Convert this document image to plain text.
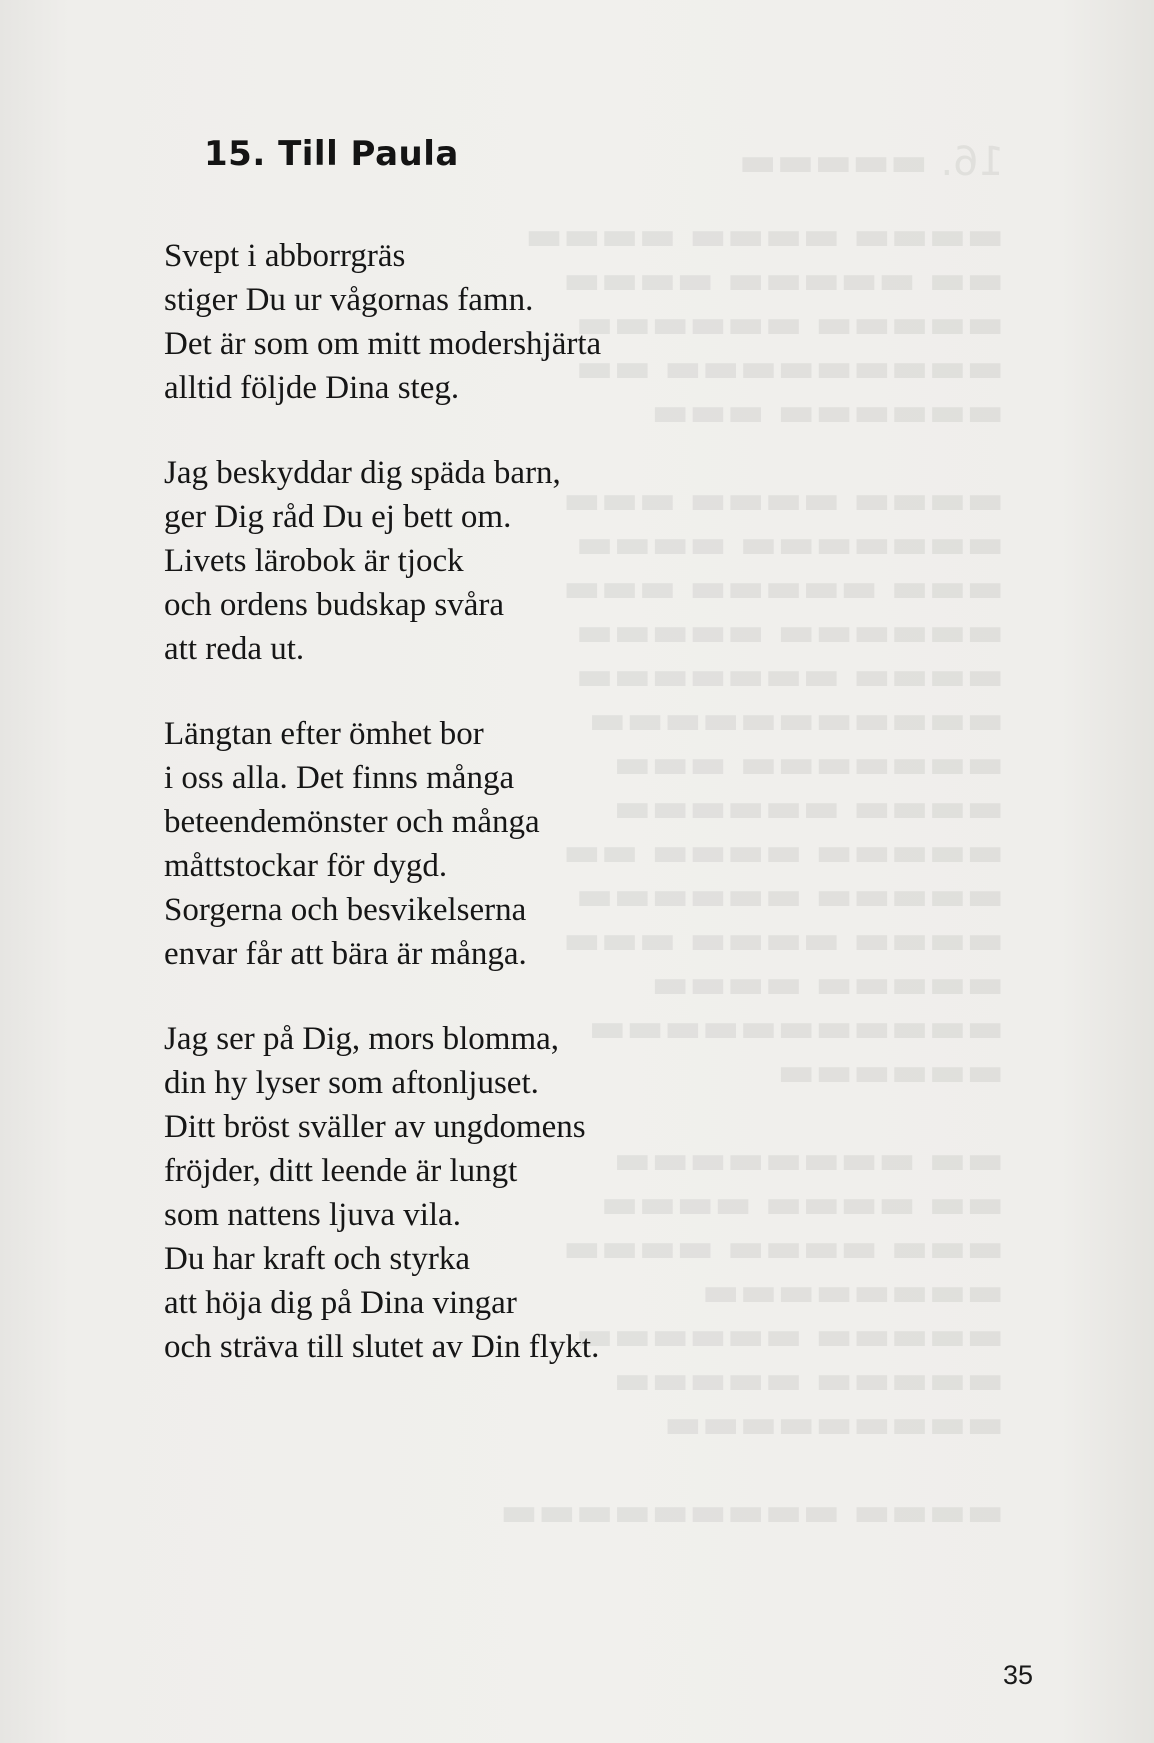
16. ▬▬▬▬▬
▬▬▬▬ ▬▬▬▬ ▬▬▬▬
▬▬ ▬▬▬▬▬ ▬▬▬▬
▬▬▬▬▬ ▬▬▬▬▬▬
▬▬▬▬▬▬▬▬▬ ▬▬
▬▬▬▬▬▬ ▬▬▬

▬▬▬▬ ▬▬▬▬ ▬▬▬
▬▬▬▬▬▬▬ ▬▬▬▬
▬▬▬ ▬▬▬▬▬ ▬▬▬
▬▬▬▬▬▬ ▬▬▬▬▬
▬▬▬▬ ▬▬▬▬▬▬▬
▬▬▬▬▬▬▬▬▬▬▬
▬▬▬▬▬▬▬ ▬▬▬
▬▬▬▬ ▬▬▬▬▬▬
▬▬▬▬▬ ▬▬▬▬ ▬▬
▬▬▬▬▬ ▬▬▬▬▬▬
▬▬▬▬ ▬▬▬▬ ▬▬▬
▬▬▬▬▬ ▬▬▬▬
▬▬▬▬▬▬▬▬▬▬▬
▬▬▬▬▬▬

▬▬ ▬▬▬▬▬▬▬▬
▬▬ ▬▬▬▬ ▬▬▬▬
▬▬▬ ▬▬▬▬ ▬▬▬▬
▬▬▬▬▬▬▬▬
▬▬▬▬▬ ▬▬▬▬▬▬
▬▬▬▬▬ ▬▬▬▬▬
▬▬▬▬▬▬▬▬▬

▬▬▬▬ ▬▬▬▬▬▬▬▬▬
15. Till Paula
Svept i abborrgräs
stiger Du ur vågornas famn.
Det är som om mitt modershjärta
alltid följde Dina steg.
Jag beskyddar dig späda barn,
ger Dig råd Du ej bett om.
Livets lärobok är tjock
och ordens budskap svåra
att reda ut.
Längtan efter ömhet bor
i oss alla. Det finns många
beteendemönster och många
måttstockar för dygd.
Sorgerna och besvikelserna
envar får att bära är många.
Jag ser på Dig, mors blomma,
din hy lyser som aftonljuset.
Ditt bröst sväller av ungdomens
fröjder, ditt leende är lungt
som nattens ljuva vila.
Du har kraft och styrka
att höja dig på Dina vingar
och sträva till slutet av Din flykt.
35
